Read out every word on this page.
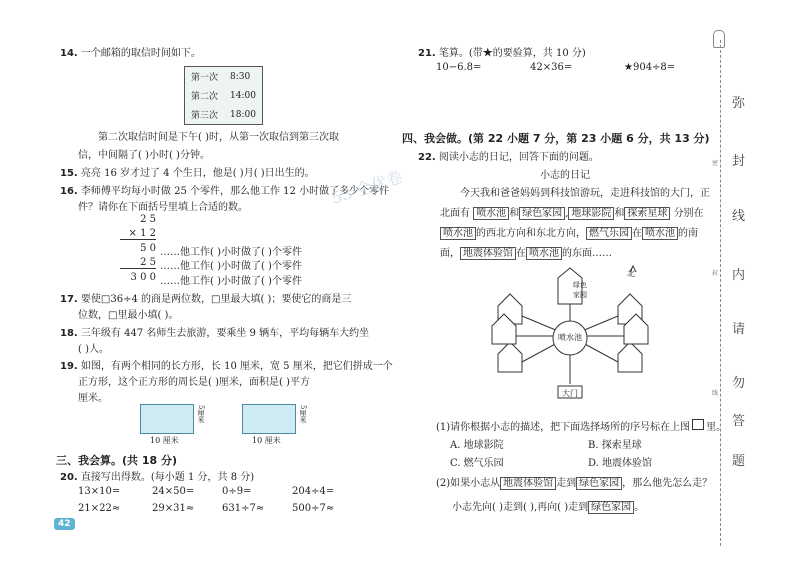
14. 一个邮箱的取信时间如下。
第一次	8:30
第二次	14:00
第三次	18:00
第二次取信时间是下午( )时，从第一次取信到第三次取
信，中间隔了( )小时( )分钟。
15. 亮亮 16 岁才过了 4 个生日，他是( )月( )日出生的。
16. 李师傅平均每小时做 25 个零件，那么他工作 12 小时做了多少个零件
件？请你在下面括号里填上合适的数。
2 5
× 1 2
5 0
2 5
3 0 0
……他工作( )小时做了( )个零件
……他工作( )小时做了( )个零件
……他工作( )小时做了( )个零件
17. 要使□36÷4 的商是两位数，□里最大填( )；要使它的商是三
位数，□里最小填( )。
18. 三年级有 447 名师生去旅游，要乘坐 9 辆车，平均每辆车大约坐
( )人。
19. 如图，有两个相同的长方形，长 10 厘米，宽 5 厘米，把它们拼成一个
正方形，这个正方形的周长是( )厘米，面积是( )平方
厘米。
5厘米
10 厘米
5厘米
10 厘米
三、我会算。(共 18 分)
20. 直接写出得数。(每小题 1 分，共 8 分)
13×10=	24×50=	0÷9=	204÷4=
21×22≈	29×31≈	631÷7≈	500÷7≈
42
21. 笔算。(带★的要验算，共 10 分)
10−6.8=	42×36=	★904÷8=
四、我会做。(第 22 小题 7 分，第 23 小题 6 分，共 13 分)
22. 阅读小志的日记，回答下面的问题。
小志的日记
今天我和爸爸妈妈到科技馆游玩，走进科技馆的大门，正
北面有 喷水池 和 绿色家园 , 地球影院 和 探索星球 分别在
喷水池 的西北方向和东北方向， 燃气乐园 在 喷水池 的南
面， 地震体验馆 在 喷水池 的东面……
绿色 家园
喷水池
大门
北
(1)请你根据小志的描述，把下面选择场所的序号标在上图 里。
A. 地球影院	B. 探索星球
C. 燃气乐园	D. 地震体验馆
(2)如果小志从 地震体验馆 走到 绿色家园 ，那么他先怎么走？
小志先向( )走到( ),再向( )走到 绿色家园 。
弥
封
线
内
请
勿
答
题
密
封
线
53 全优卷
